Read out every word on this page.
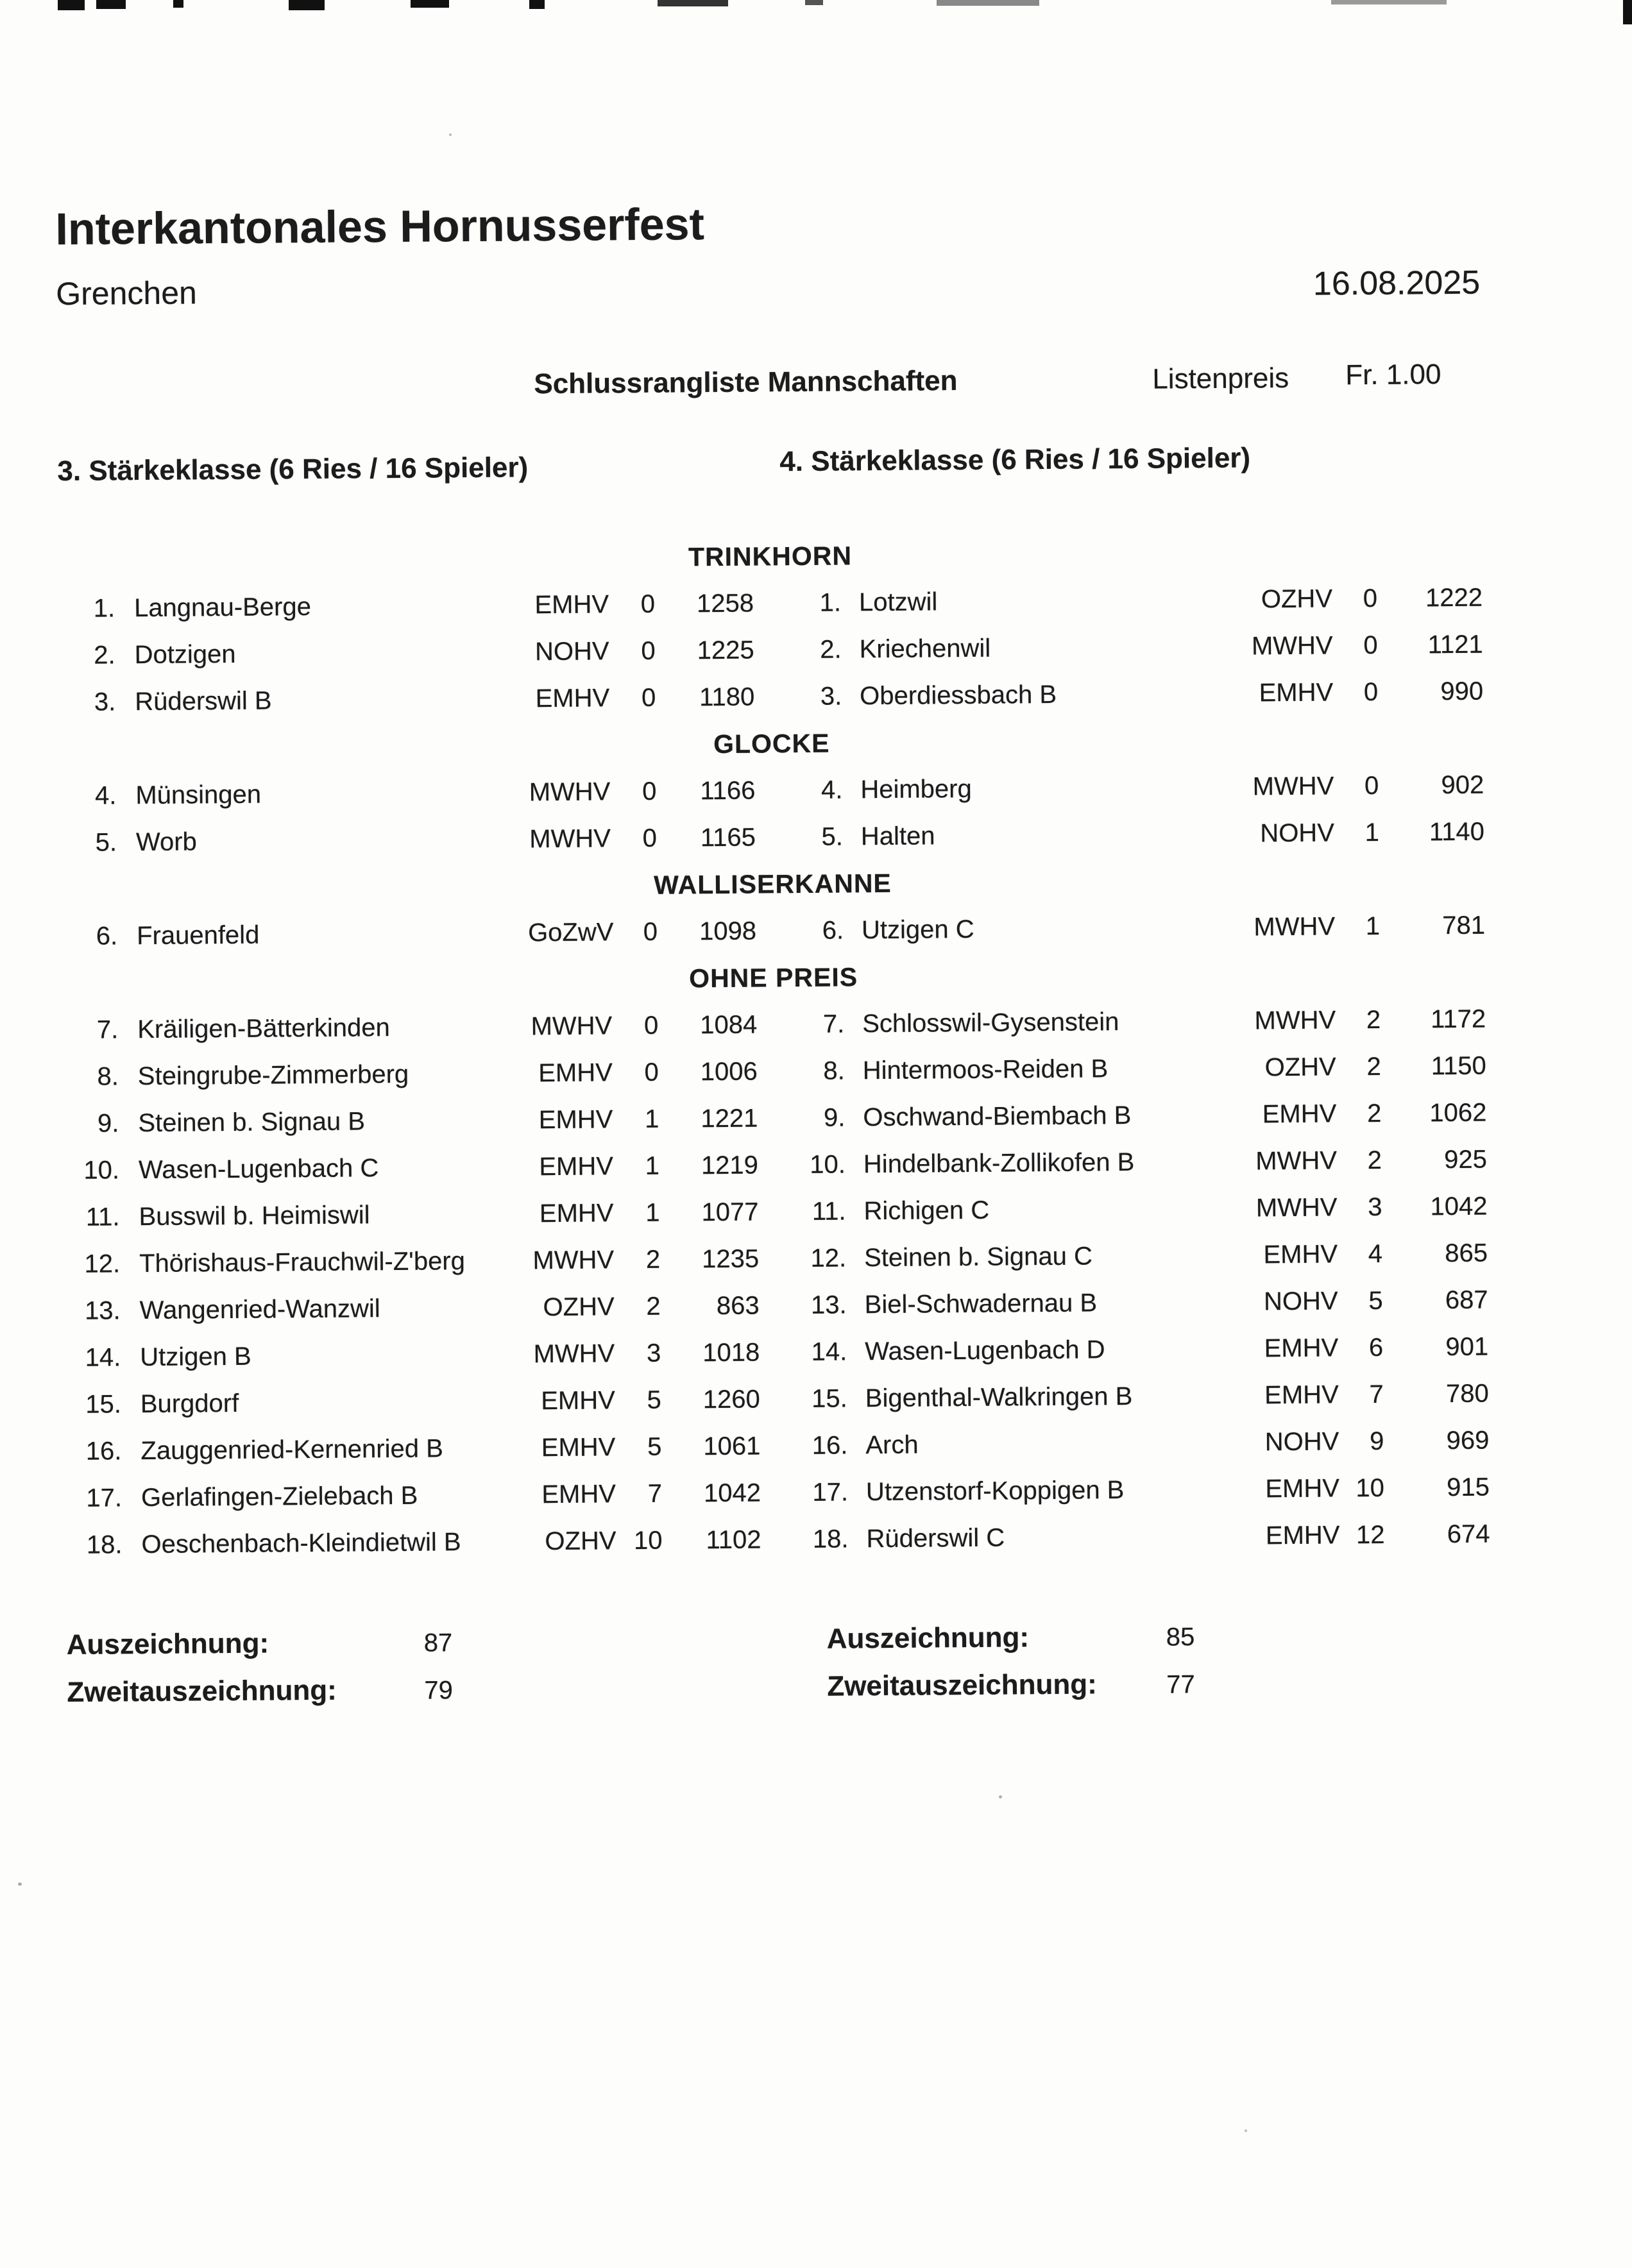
Interkantonales Hornusserfest
Grenchen	16.08.2025
Schlussrangliste Mannschaften	Listenpreis Fr. 1.00
3. Stärkeklasse (6 Ries / 16 Spieler)	4. Stärkeklasse (6 Ries / 16 Spieler)
TRINKHORN
1. Langnau-Berge	EMHV	0	1258	1. Lotzwil	OZHV	0	1222
2. Dotzigen	NOHV	0	1225	2. Kriechenwil	MWHV	0	1121
3. Rüderswil B	EMHV	0	1180	3. Oberdiessbach B	EMHV	0	990
GLOCKE
4. Münsingen	MWHV	0	1166	4. Heimberg	MWHV	0	902
5. Worb	MWHV	0	1165	5. Halten	NOHV	1	1140
WALLISERKANNE
6. Frauenfeld	GoZwV	0	1098	6. Utzigen C	MWHV	1	781
OHNE PREIS
7. Kräiligen-Bätterkinden	MWHV	0	1084	7. Schlosswil-Gysenstein	MWHV	2	1172
8. Steingrube-Zimmerberg	EMHV	0	1006	8. Hintermoos-Reiden B	OZHV	2	1150
9. Steinen b. Signau B	EMHV	1	1221	9. Oschwand-Biembach B	EMHV	2	1062
10. Wasen-Lugenbach C	EMHV	1	1219 10. Hindelbank-Zollikofen B	MWHV	2	925
11. Busswil b. Heimiswil	EMHV	1	1077 11. Richigen C	MWHV	3	1042
12. Thörishaus-Frauchwil-Z'berg	MWHV	2	1235 12. Steinen b. Signau C	EMHV	4	865
13. Wangenried-Wanzwil	OZHV	2	863 13. Biel-Schwadernau B	NOHV	5	687
14. Utzigen B	MWHV	3	1018 14. Wasen-Lugenbach D	EMHV	6	901
15. Burgdorf	EMHV	5	1260 15. Bigenthal-Walkringen B	EMHV	7	780
16. Zauggenried-Kernenried B	EMHV	5	1061 16. Arch	NOHV	9	969
17. Gerlafingen-Zielebach B	EMHV	7	1042 17. Utzenstorf-Koppigen B	EMHV 10	915
18. Oeschenbach-Kleindietwil B	OZHV 10	1102 18. Rüderswil C	EMHV 12	674
Auszeichnung:	87	Auszeichnung:	85
Zweitauszeichnung:	79	Zweitauszeichnung:	77
